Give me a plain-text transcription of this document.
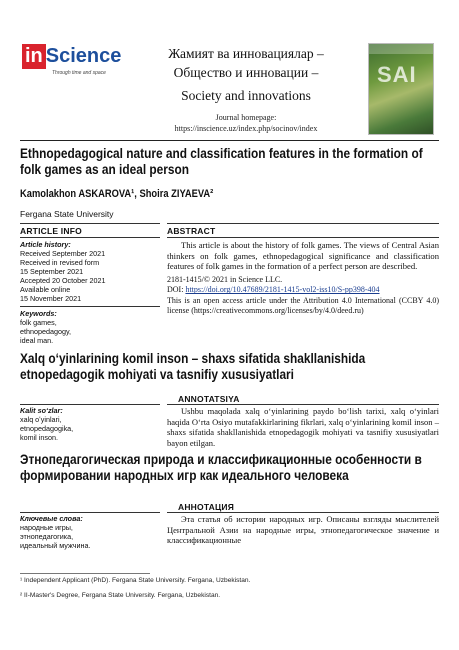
in Science
Through time and space
Жамият ва инновациялар –
Общество и инновации –
Society and innovations
Journal homepage:
https://inscience.uz/index.php/socinov/index
SAI
Ethnopedagogical nature and classification features in the formation of folk games as an ideal person
Kamolakhon ASKAROVA¹, Shoira ZIYAEVA²
Fergana State University
ARTICLE INFO	ABSTRACT
Article history:
Received September 2021
Received in revised form
15 September 2021
Accepted 20 October 2021
Available online
15 November 2021
Keywords:
folk games,
ethnopedagogy,
ideal man.

This article is about the history of folk games. The views of Central Asian thinkers on folk games, ethnopedagogical significance and classification features of folk games in the formation of a perfect person are described.

2181-1415/© 2021 in Science LLC.

DOI: https://doi.org/10.47689/2181-1415-vol2-iss10/S-pp398-404

This is an open access article under the Attribution 4.0 International (CCBY 4.0) license (https://creativecommons.org/licenses/by/4.0/deed.ru)

Xalq oʻyinlarining komil inson – shaxs sifatida shakllanishida etnopedagogik mohiyati va tasnifiy xususiyatlari
ANNOTATSIYA
Kalit soʻzlar:
xalq oʻyinlari,
etnopedagogika,
komil inson.

Ushbu maqolada xalq oʻyinlarining paydo boʻlish tarixi, xalq oʻyinlari haqida Oʻrta Osiyo mutafakkirlarining fikrlari, xalq oʻyinlarining komil inson – shaxs sifatida shakllanishida etnopedagogik mohiyati va tasnifiy xususiyatlari bayon etilgan.

Этнопедагогическая природа и классификационные особенности в формировании народных игр как идеального человека
АННОТАЦИЯ
Ключевые слова:
народные игры,
этнопедагогика,
идеальный мужчина.

Эта статья об истории народных игр. Описаны взгляды мыслителей Центральной Азии на народные игры, этнопедагогическое значение и классификационные

¹ Independent Applicant (PhD). Fergana State University. Fergana, Uzbekistan.
² II-Master's Degree, Fergana State University. Fergana, Uzbekistan.
